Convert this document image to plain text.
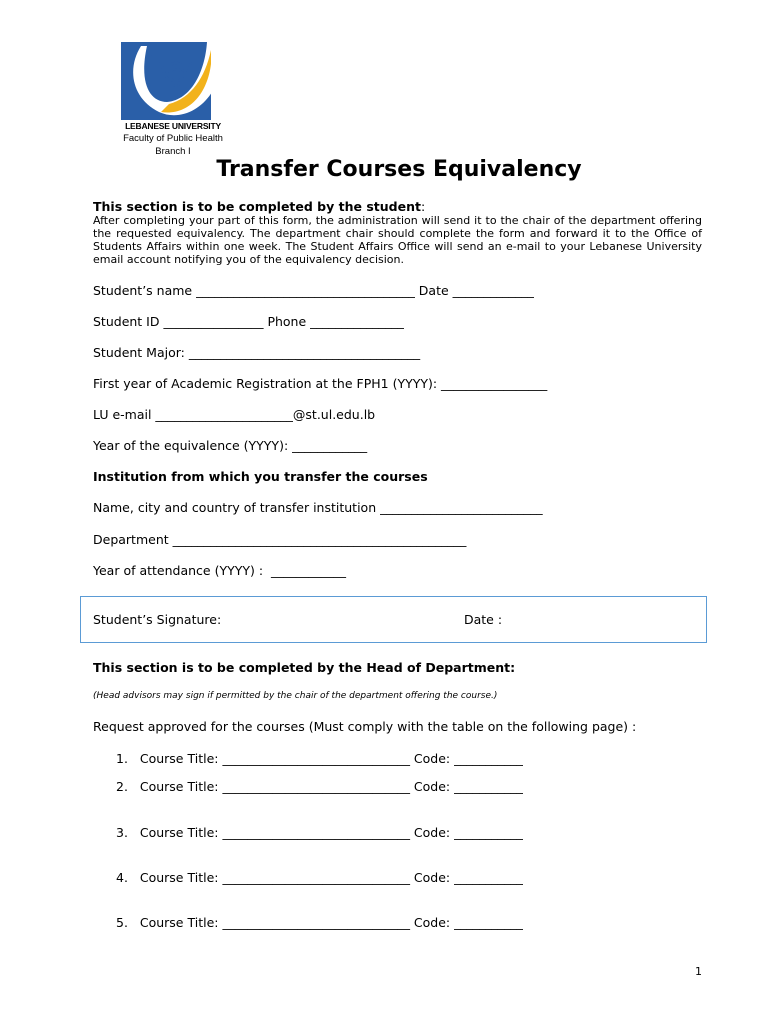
LEBANESE UNIVERSITY
Faculty of Public Health
Branch I
Transfer Courses Equivalency
This section is to be completed by the student:
After completing your part of this form, the administration will send it to the chair of the department offering the requested equivalency. The department chair should complete the form and forward it to the Office of Students Affairs within one week. The Student Affairs Office will send an e-mail to your Lebanese University email account notifying you of the equivalency decision.
Student’s name ___________________________________ Date _____________
Student ID ________________ Phone _______________
Student Major: _____________________________________
First year of Academic Registration at the FPH1 (YYYY): _________________
LU e-mail ______________________@st.ul.edu.lb
Year of the equivalence (YYYY): ____________
Institution from which you transfer the courses
Name, city and country of transfer institution __________________________
Department _______________________________________________
Year of attendance (YYYY) :  ____________
Student’s Signature:	Date :
This section is to be completed by the Head of Department:
(Head advisors may sign if permitted by the chair of the department offering the course.)
Request approved for the courses (Must comply with the table on the following page) :
1. Course Title: ______________________________ Code: ___________
2. Course Title: ______________________________ Code: ___________
3. Course Title: ______________________________ Code: ___________
4. Course Title: ______________________________ Code: ___________
5. Course Title: ______________________________ Code: ___________
1
